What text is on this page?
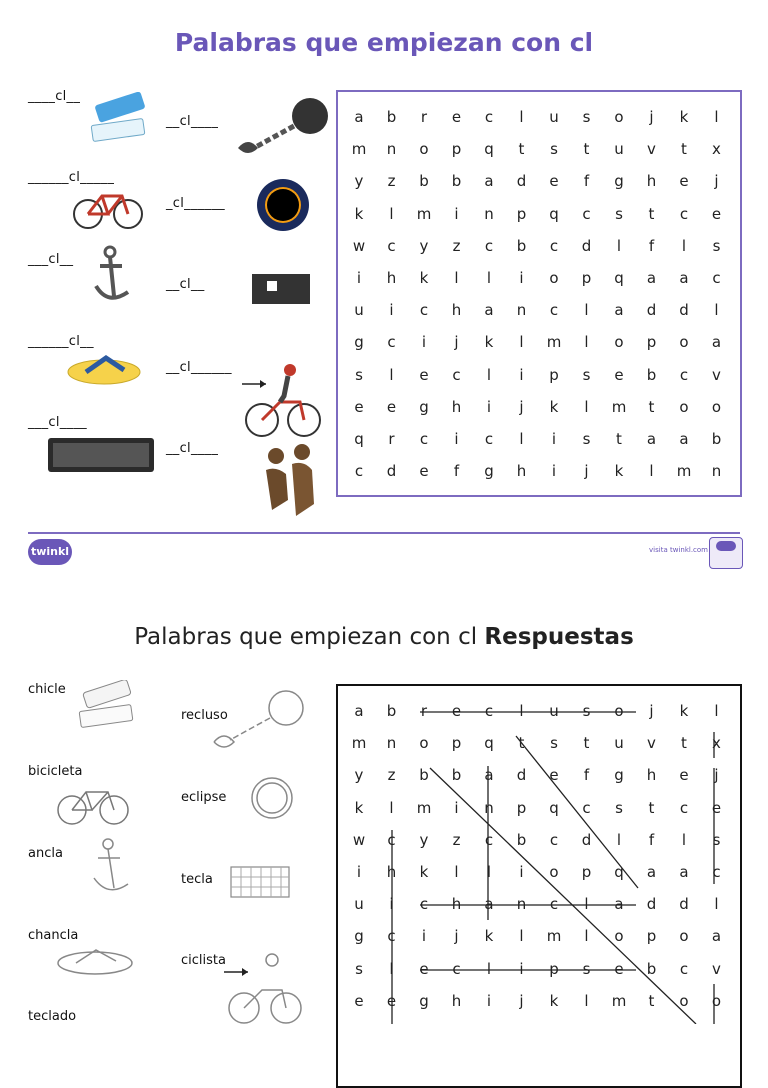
Palabras que empiezan con cl
____cl__
______cl_____
___cl__
______cl__
___cl____
__cl____
_cl______
__cl__
__cl______
__cl____
a	b	r	e	c	l	u	s	o	j	k	l
m	n	o	p	q	t	s	t	u	v	t	x
y	z	b	b	a	d	e	f	g	h	e	j
k	l	m	i	n	p	q	c	s	t	c	e
w	c	y	z	c	b	c	d	l	f	l	s
i	h	k	l	l	i	o	p	q	a	a	c
u	i	c	h	a	n	c	l	a	d	d	l
g	c	i	j	k	l	m	l	o	p	o	a
s	l	e	c	l	i	p	s	e	b	c	v
e	e	g	h	i	j	k	l	m	t	o	o
q	r	c	i	c	l	i	s	t	a	a	b
c	d	e	f	g	h	i	j	k	l	m	n
twinkl	visita twinkl.com
Palabras que empiezan con cl Respuestas
chicle
bicicleta
ancla
chancla
teclado
recluso
eclipse
tecla
ciclista
a	b	r	e	c	l	u	s	o	j	k	l
m	n	o	p	q	t	s	t	u	v	t	x
y	z	b	b	a	d	e	f	g	h	e	j
k	l	m	i	n	p	q	c	s	t	c	e
w	c	y	z	c	b	c	d	l	f	l	s
i	h	k	l	l	i	o	p	q	a	a	c
u	i	c	h	a	n	c	l	a	d	d	l
g	c	i	j	k	l	m	l	o	p	o	a
s	l	e	c	l	i	p	s	e	b	c	v
e	e	g	h	i	j	k	l	m	t	o	o
